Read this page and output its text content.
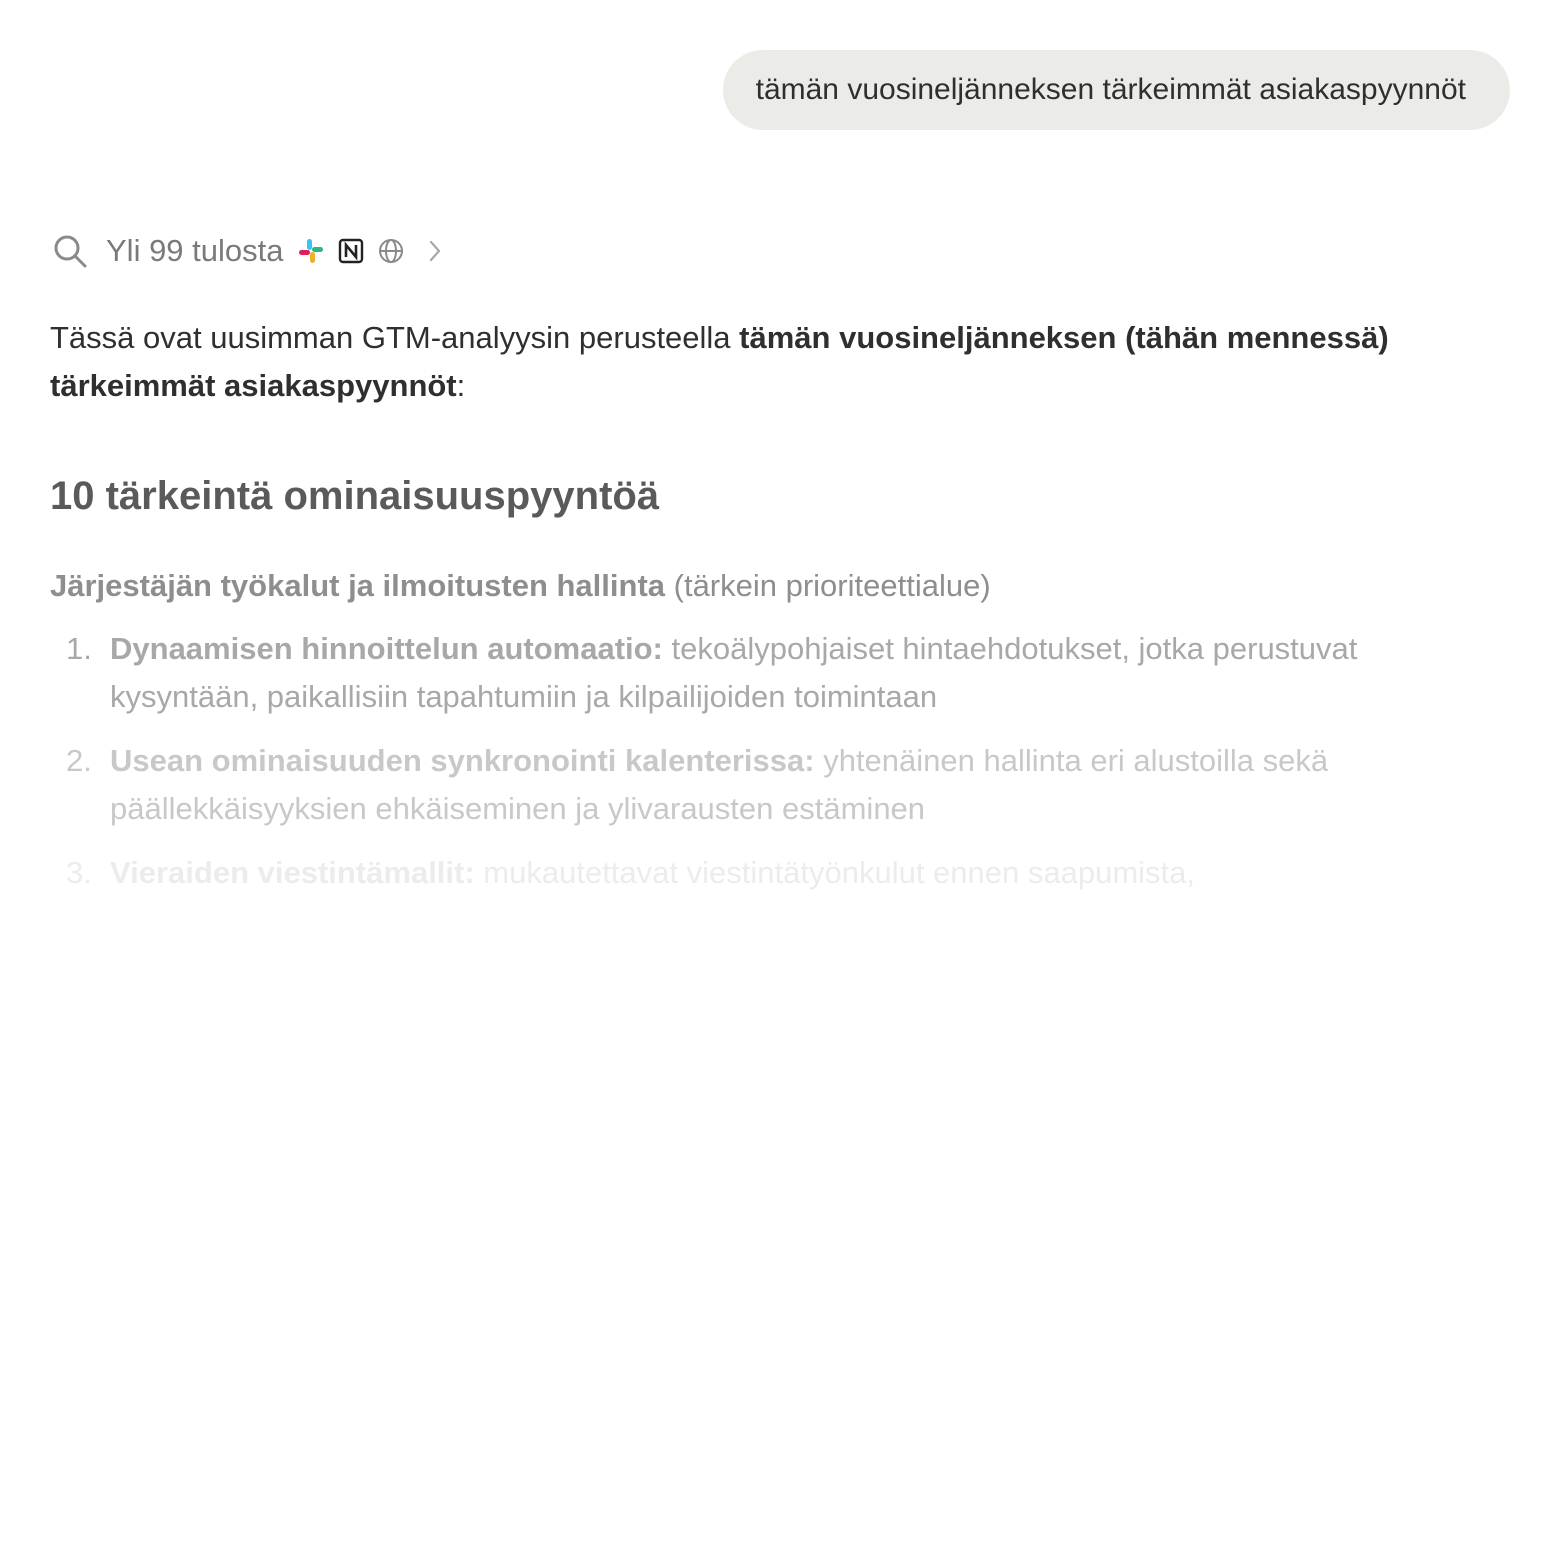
tämän vuosineljänneksen tärkeimmät asiakaspyynnöt
Yli 99 tulosta

Tässä ovat uusimman GTM-analyysin perusteella tämän vuosineljänneksen (tähän mennessä) tärkeimmät asiakaspyynnöt:

10 tärkeintä ominaisuuspyyntöä

Järjestäjän työkalut ja ilmoitusten hallinta (tärkein prioriteettialue)

1. Dynaamisen hinnoittelun automaatio: tekoälypohjaiset hintaehdotukset, jotka perustuvat kysyntään, paikallisiin tapahtumiin ja kilpailijoiden toimintaan
2. Usean ominaisuuden synkronointi kalenterissa: yhtenäinen hallinta eri alustoilla sekä päällekkäisyyksien ehkäiseminen ja ylivarausten estäminen
3. Vieraiden viestintämallit: mukautettavat viestintätyönkulut ennen saapumista,
